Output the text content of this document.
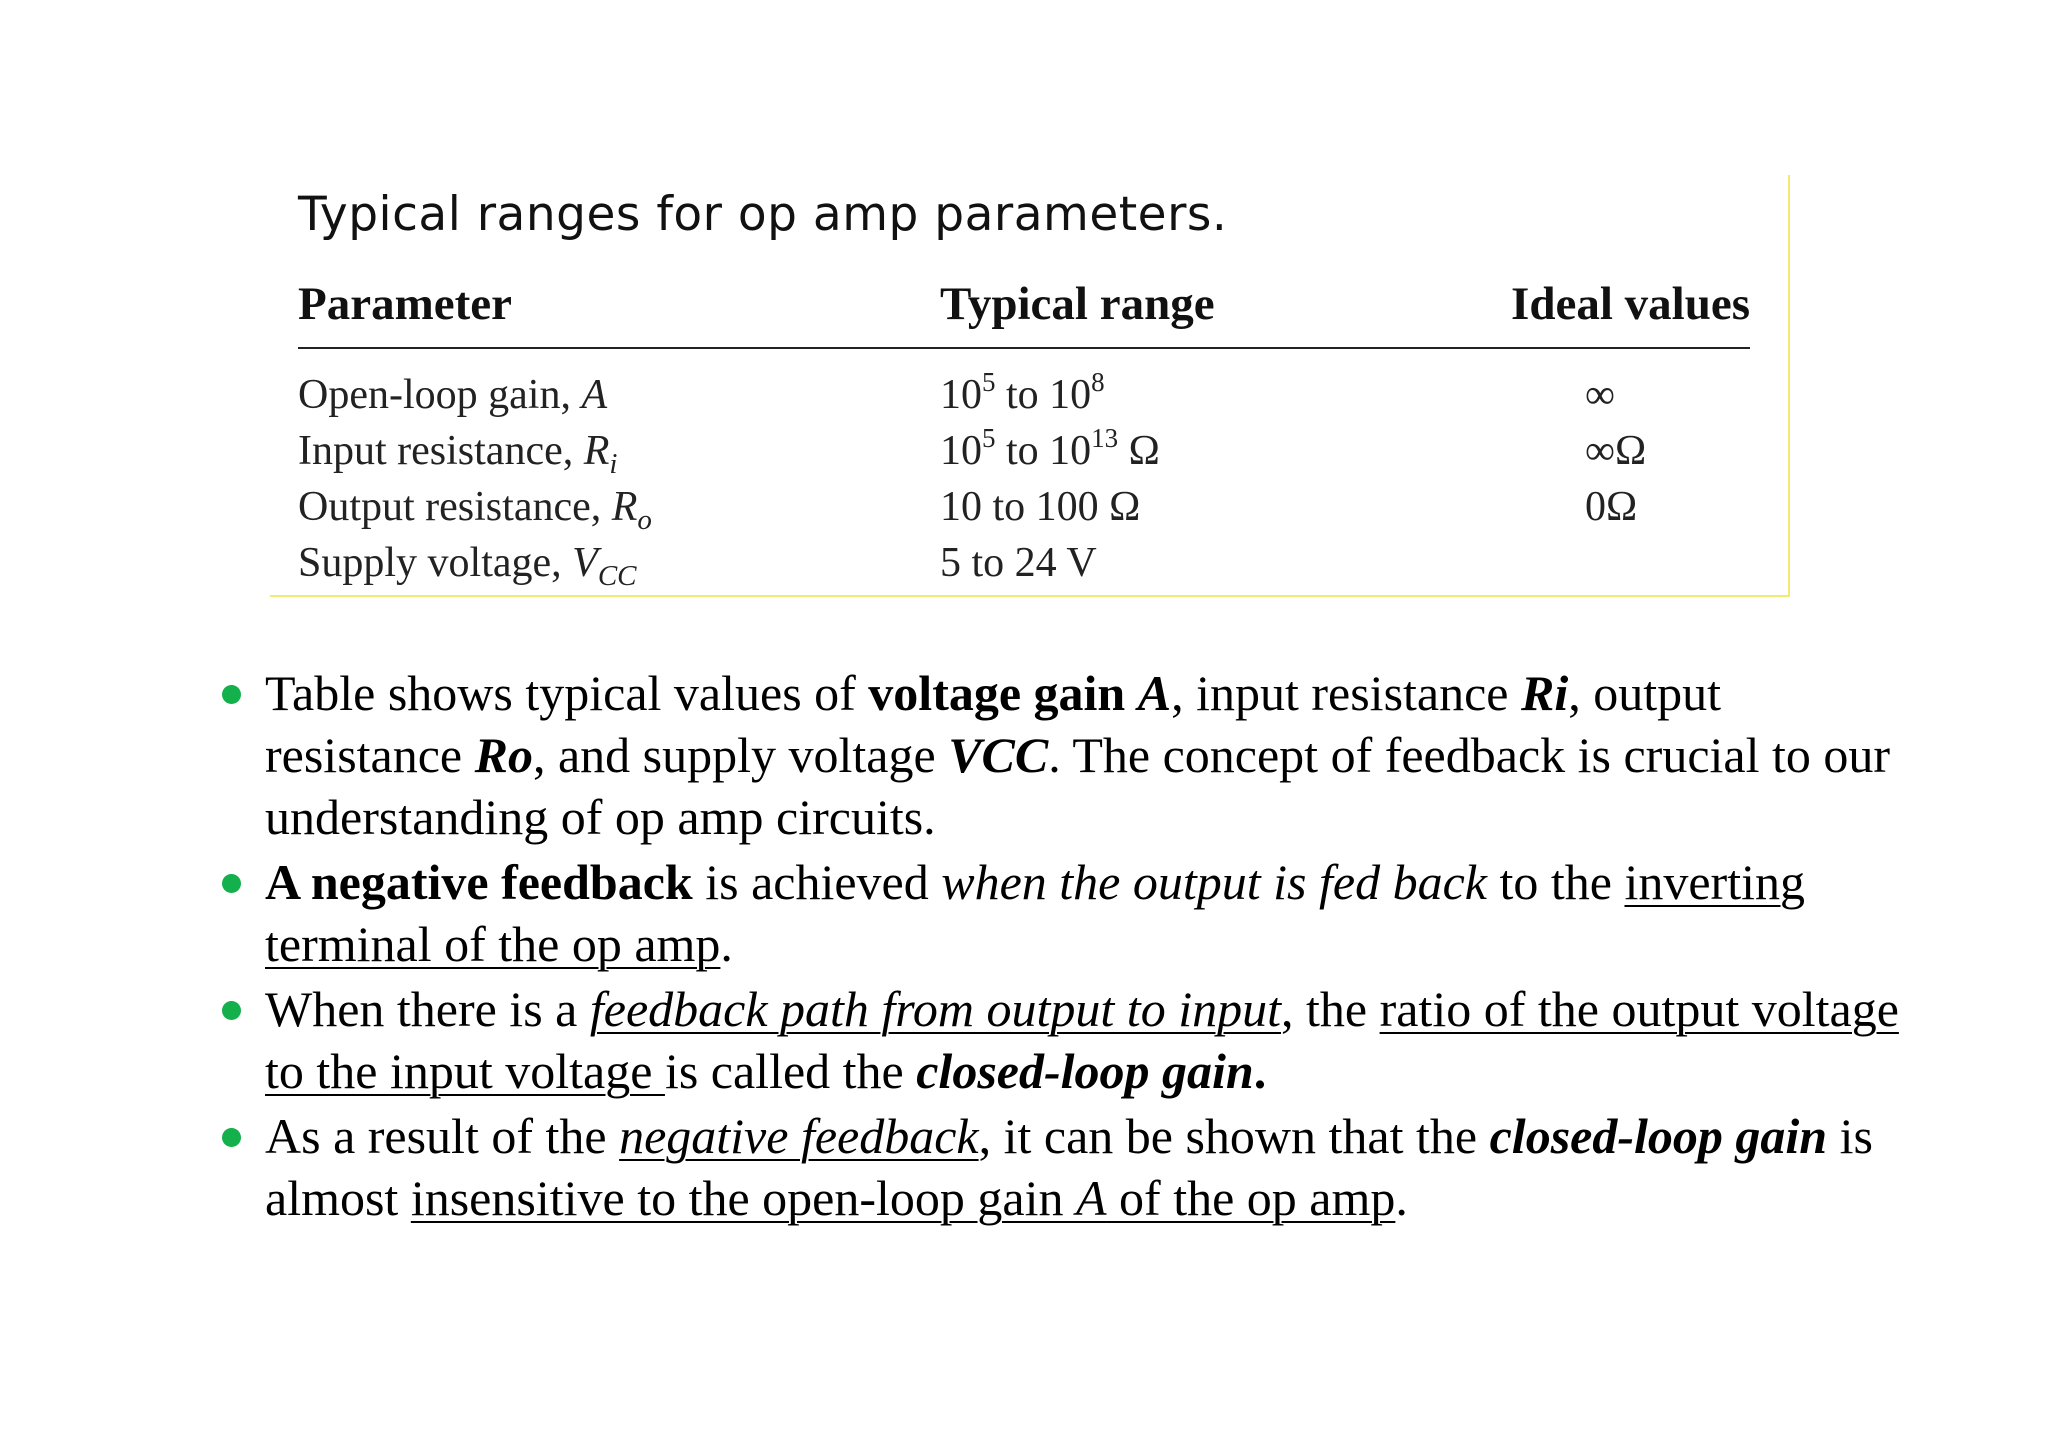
Typical ranges for op amp parameters.
Parameter	Typical range	Ideal values
Open-loop gain, A	$10^5$ to $10^8$	∞
Input resistance, $R_i$	$10^5$ to $10^{13}$ Ω	∞Ω
Output resistance, $R_o$	10 to 100 Ω	0Ω
Supply voltage, $V_{CC}$	5 to 24 V
Table shows typical values of voltage gain A, input resistance Ri, output resistance Ro, and supply voltage VCC. The concept of feedback is crucial to our understanding of op amp circuits.
A negative feedback is achieved when the output is fed back to the inverting terminal of the op amp.
When there is a feedback path from output to input, the ratio of the output voltage to the input voltage is called the closed-loop gain.
As a result of the negative feedback, it can be shown that the closed-loop gain is almost insensitive to the open-loop gain A of the op amp.
